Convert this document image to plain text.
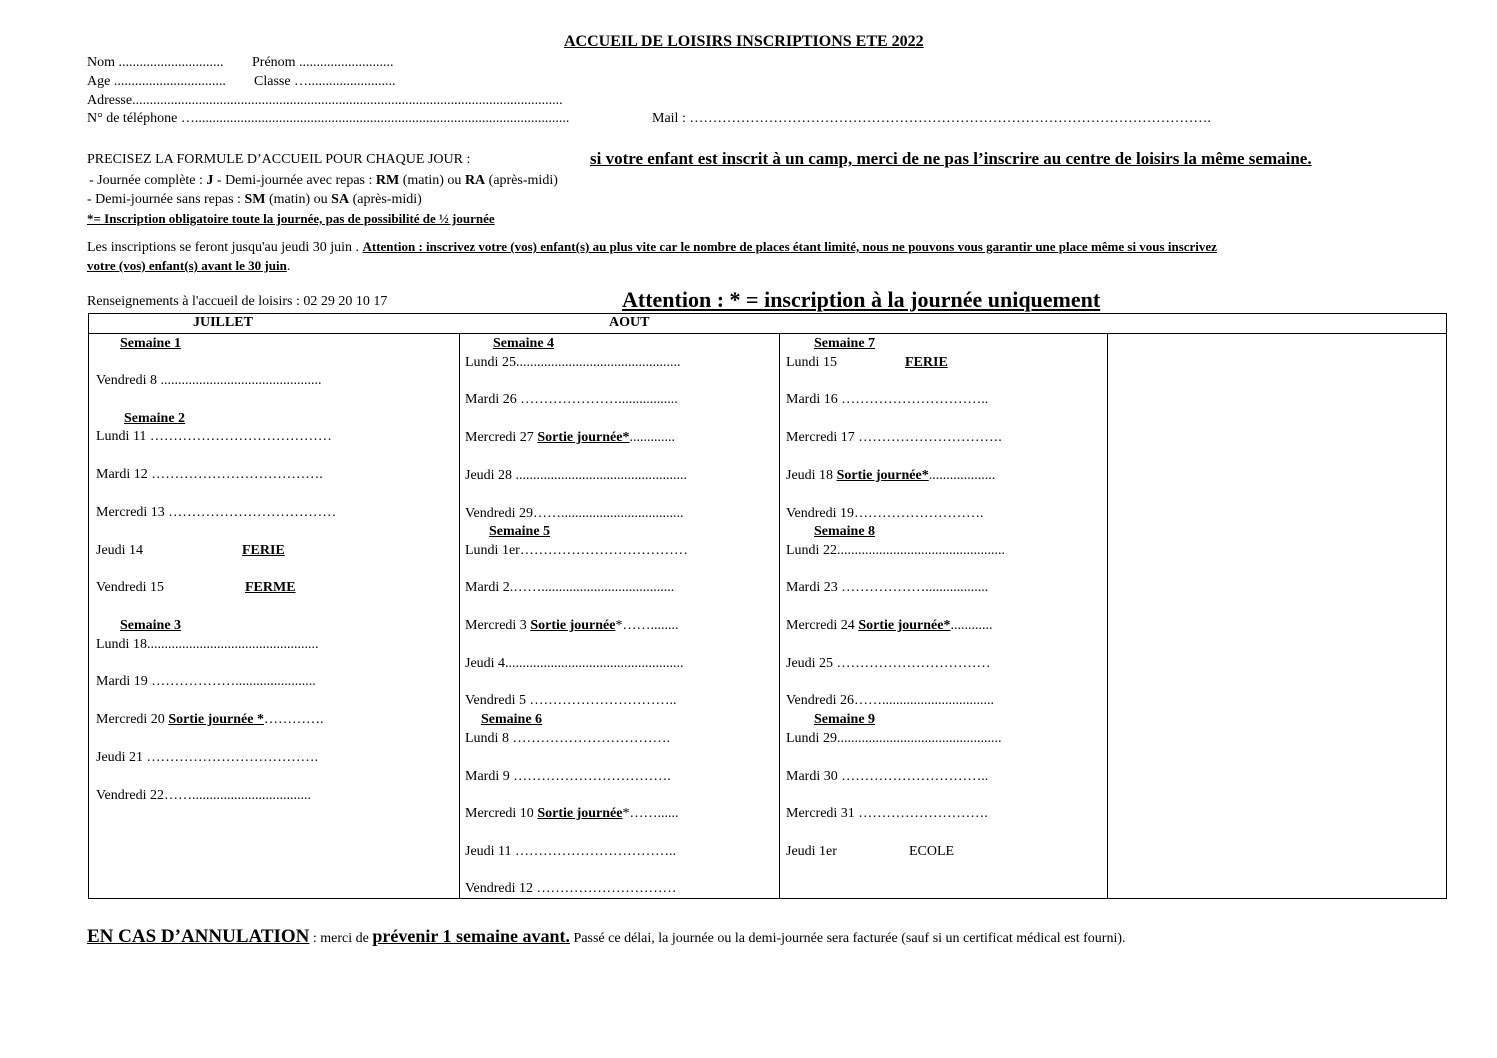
ACCUEIL DE LOISIRS INSCRIPTIONS ETE 2022
Nom .............................. Prénom ...........................
Age ................................ Classe ….........................
Adresse...........................................................................................................................
N° de téléphone …...........................................................................................................	Mail : ………………………………………………………………………………………………….
PRECISEZ LA FORMULE D’ACCUEIL POUR CHAQUE JOUR :	si votre enfant est inscrit à un camp, merci de ne pas l’inscrire au centre de loisirs la même semaine.
- Journée complète : J - Demi-journée avec repas : RM (matin) ou RA (après-midi)
- Demi-journée sans repas : SM (matin) ou SA (après-midi)
*= Inscription obligatoire toute la journée, pas de possibilité de ½ journée
Les inscriptions se feront jusqu'au jeudi 30 juin . Attention : inscrivez votre (vos) enfant(s) au plus vite car le nombre de places étant limité, nous ne pouvons vous garantir une place même si vous inscrivez
votre (vos) enfant(s) avant le 30 juin.
Renseignements à l'accueil de loisirs : 02 29 20 10 17	Attention : * = inscription à la journée uniquement
JUILLET	AOUT
Semaine 1
Vendredi 8 ..............................................
Semaine 2
Lundi 11 …………………………………
Mardi 12 ……………………………….
Mercredi 13 ………………………………
Jeudi 14	FERIE
Vendredi 15	FERME
Semaine 3
Lundi 18.................................................
Mardi 19 ……………….......................
Mercredi 20 Sortie journée *………….
Jeudi 21 ……………………………….
Vendredi 22……..................................
Semaine 4
Lundi 25...............................................
Mardi 26 ………………….................
Mercredi 27 Sortie journée*.............
Jeudi 28 .................................................
Vendredi 29……...................................
Semaine 5
Lundi 1er………………………………
Mardi 2.……......................................
Mercredi 3 Sortie journée*……........
Jeudi 4...................................................
Vendredi 5 …………………………..
Semaine 6
Lundi 8 …………………………….
Mardi 9 …………………………….
Mercredi 10 Sortie journée*……......
Jeudi 11 ……………………………..
Vendredi 12 …………………………
Semaine 7
Lundi 15	FERIE
Mardi 16 …………………………..
Mercredi 17 ………………………….
Jeudi 18 Sortie journée*...................
Vendredi 19……………………….
Semaine 8
Lundi 22................................................
Mardi 23 ………………..................
Mercredi 24 Sortie journée*............
Jeudi 25 ……………………………
Vendredi 26……................................
Semaine 9
Lundi 29...............................................
Mardi 30 …………………………..
Mercredi 31 ……………………….
Jeudi 1er	ECOLE
EN CAS D’ANNULATION : merci de prévenir 1 semaine avant. Passé ce délai, la journée ou la demi-journée sera facturée (sauf si un certificat médical est fourni).
